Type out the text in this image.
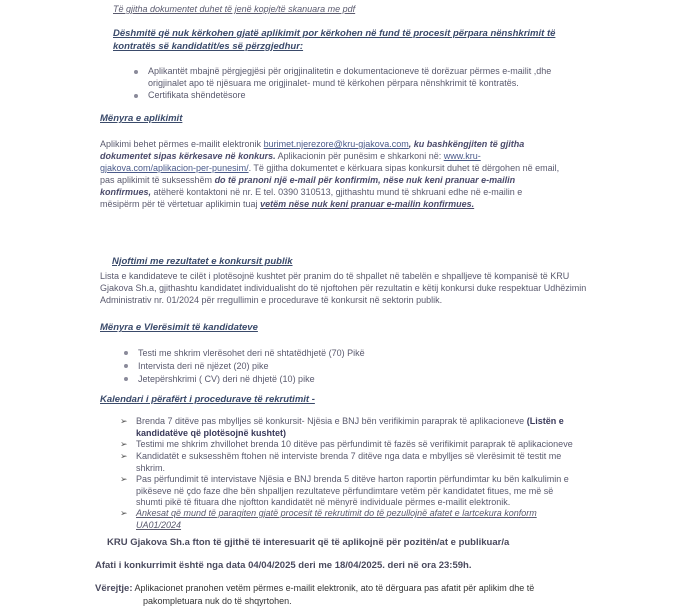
Të gjitha dokumentet duhet të jenë kopje/të skanuara me pdf
Dëshmitë që nuk kërkohen gjatë aplikimit por kërkohen në fund të procesit përpara nënshkrimit të
kontratës së kandidatit/es së përzgjedhur:
Aplikantët mbajnë përgjegjësi për origjinalitetin e dokumentacioneve të dorëzuar përmes e-mailit ,dhe
origjinalet apo të njësuara me origjinalet- mund të kërkohen përpara nënshkrimit të kontratës.
Certifikata shëndetësore
Mënyra e aplikimit
Aplikimi behet përmes e-mailit elektronik burimet.njerezore@kru-gjakova.com, ku bashkëngjiten të gjitha
dokumentet sipas kërkesave në konkurs. Aplikacionin për punësim e shkarkoni në: www.kru-
gjakova.com/aplikacion-per-punesim/. Të gjitha dokumentet e kërkuara sipas konkursit duhet të dërgohen në email,
pas aplikimit të suksesshëm do të pranoni një e-mail për konfirmim, nëse nuk keni pranuar e-mailin
konfirmues, atëherë kontaktoni në nr. E tel. 0390 310513, gjithashtu mund të shkruani edhe në e-mailin e
mësipërm për të vërtetuar aplikimin tuaj vetëm nëse nuk keni pranuar e-mailin konfirmues.
Njoftimi me rezultatet e konkursit publik
Lista e kandidateve te cilët i plotësojnë kushtet për pranim do të shpallet në tabelën e shpalljeve të kompanisë të KRU
Gjakova Sh.a, gjithashtu kandidatet individualisht do të njoftohen për rezultatin e këtij konkursi duke respektuar Udhëzimin
Administrativ nr. 01/2024 për rregullimin e procedurave të konkursit në sektorin publik.
Mënyra e Vlerësimit të kandidateve
Testi me shkrim vlerësohet deri në shtatëdhjetë (70) Pikë
Intervista deri në njëzet (20) pike
Jetepërshkrimi ( CV) deri në dhjetë (10) pike
Kalendari i përafërt i procedurave të rekrutimit -
➢ Brenda 7 ditëve pas mbylljes së konkursit- Njësia e BNJ bën verifikimin paraprak të aplikacioneve (Listën e
kandidatëve që plotësojnë kushtet)
➢ Testimi me shkrim zhvillohet brenda 10 ditëve pas përfundimit të fazës së verifikimit paraprak të aplikacioneve
➢ Kandidatët e suksesshëm ftohen në interviste brenda 7 ditëve nga data e mbylljes së vlerësimit të testit me
shkrim.
➢ Pas përfundimit të intervistave Njësia e BNJ brenda 5 ditëve harton raportin përfundimtar ku bën kalkulimin e
pikëseve në çdo faze dhe bën shpalljen rezultateve përfundimtare vetëm për kandidatet fitues, me më së
shumti pikë të fituara dhe njoftton kandidatët në mënyrë individuale përmes e-mailit elektronik.
➢ Ankesat që mund të paraqiten gjatë procesit të rekrutimit do të pezullojnë afatet e lartcekura konform
UA01/2024
KRU Gjakova Sh.a fton të gjithë të interesuarit që të aplikojnë për pozitën/at e publikuar/a
Afati i konkurrimit është nga data 04/04/2025 deri me 18/04/2025. deri në ora 23:59h.
Vërejtje: Aplikacionet pranohen vetëm përmes e-mailit elektronik, ato të dërguara pas afatit për aplikim dhe të
pakompletuara nuk do të shqyrtohen.
